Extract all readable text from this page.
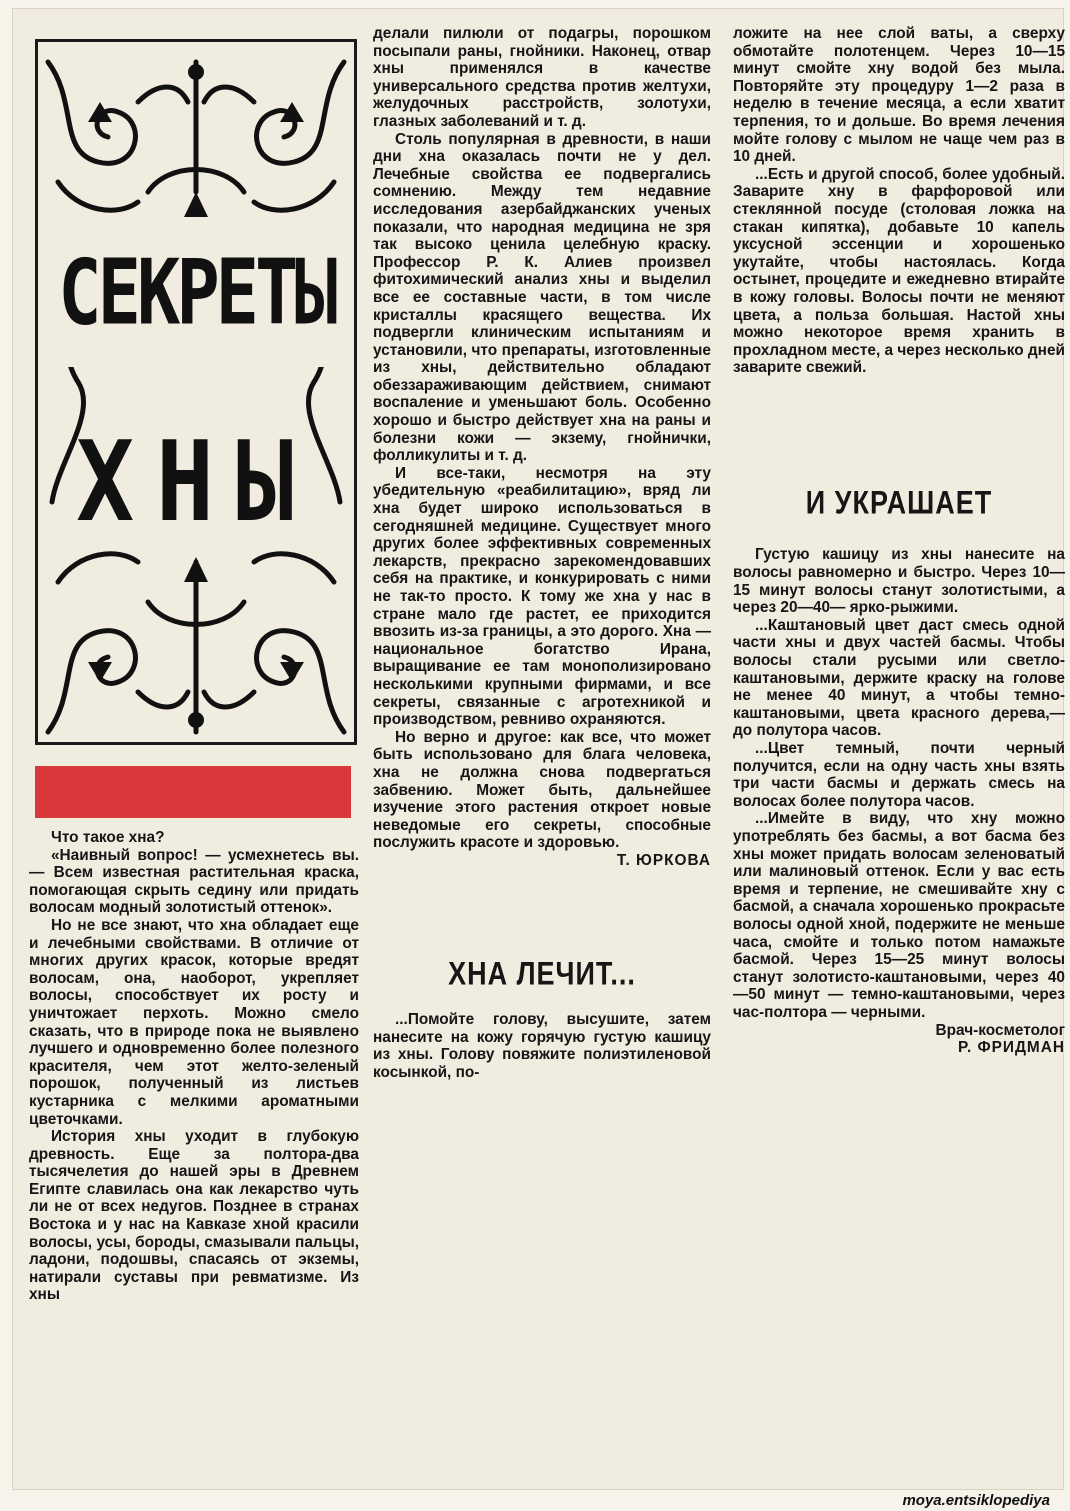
СЕКРЕТЫ
ХНЫ

Что такое хна?

«Наивный вопрос! — усмехнетесь вы.— Всем известная растительная краска, помогающая скрыть седину или придать волосам модный золотистый оттенок».

Но не все знают, что хна обладает еще и лечебными свойствами. В отличие от многих других красок, которые вредят волосам, она, наоборот, укрепляет волосы, способствует их росту и уничтожает перхоть. Можно смело сказать, что в природе пока не выявлено лучшего и одновременно более полезного красителя, чем этот желто-зеленый порошок, полученный из листьев кустарника с мелкими ароматными цветочками.

История хны уходит в глубокую древность. Еще за полтора-два тысячелетия до нашей эры в Древнем Египте славилась она как лекарство чуть ли не от всех недугов. Позднее в странах Востока и у нас на Кавказе хной красили волосы, усы, бороды, смазывали пальцы, ладони, подошвы, спасаясь от экземы, натирали суставы при ревматизме. Из хны

делали пилюли от подагры, порошком посыпали раны, гнойники. Наконец, отвар хны применялся в качестве универсального средства против желтухи, желудочных расстройств, золотухи, глазных заболеваний и т. д.

Столь популярная в древности, в наши дни хна оказалась почти не у дел. Лечебные свойства ее подвергались сомнению. Между тем недавние исследования азербайджанских ученых показали, что народная медицина не зря так высоко ценила целебную краску. Профессор Р. К. Алиев произвел фитохимический анализ хны и выделил все ее составные части, в том числе кристаллы красящего вещества. Их подвергли клиническим испытаниям и установили, что препараты, изготовленные из хны, действительно обладают обеззараживающим действием, снимают воспаление и уменьшают боль. Особенно хорошо и быстро действует хна на раны и болезни кожи — экзему, гнойнички, фолликулиты и т. д.

И все-таки, несмотря на эту убедительную «реабилитацию», вряд ли хна будет широко использоваться в сегодняшней медицине. Существует много других более эффективных современных лекарств, прекрасно зарекомендовавших себя на практике, и конкурировать с ними не так-то просто. К тому же хна у нас в стране мало где растет, ее приходится ввозить из-за границы, а это дорого. Хна — национальное богатство Ирана, выращивание ее там монополизировано несколькими крупными фирмами, и все секреты, связанные с агротехникой и производством, ревниво охраняются.

Но верно и другое: как все, что может быть использовано для блага человека, хна не должна снова подвергаться забвению. Может быть, дальнейшее изучение этого растения откроет новые неведомые его секреты, способные послужить красоте и здоровью.

Т. ЮРКОВА

ХНА ЛЕЧИТ...

...Помойте голову, высушите, затем нанесите на кожу горячую густую кашицу из хны. Голову повяжите полиэтиленовой косынкой, по-

ложите на нее слой ваты, а сверху обмотайте полотенцем. Через 10—15 минут смойте хну водой без мыла. Повторяйте эту процедуру 1—2 раза в неделю в течение месяца, а если хватит терпения, то и дольше. Во время лечения мойте голову с мылом не чаще чем раз в 10 дней.

...Есть и другой способ, более удобный. Заварите хну в фарфоровой или стеклянной посуде (столовая ложка на стакан кипятка), добавьте 10 капель уксусной эссенции и хорошенько укутайте, чтобы настоялась. Когда остынет, процедите и ежедневно втирайте в кожу головы. Волосы почти не меняют цвета, а польза большая. Настой хны можно некоторое время хранить в прохладном месте, а через несколько дней заварите свежий.

И УКРАШАЕТ

Густую кашицу из хны нанесите на волосы равномерно и быстро. Через 10—15 минут волосы станут золотистыми, а через 20—40— ярко-рыжими.

...Каштановый цвет даст смесь одной части хны и двух частей басмы. Чтобы волосы стали русыми или светло-каштановыми, держите краску на голове не менее 40 минут, а чтобы темно-каштановыми, цвета красного дерева,— до полутора часов.

...Цвет темный, почти черный получится, если на одну часть хны взять три части басмы и держать смесь на волосах более полутора часов.

...Имейте в виду, что хну можно употреблять без басмы, а вот басма без хны может придать волосам зеленоватый или малиновый оттенок. Если у вас есть время и терпение, не смешивайте хну с басмой, а сначала хорошенько прокрасьте волосы одной хной, подержите не меньше часа, смойте и только потом намажьте басмой. Через 15—25 минут волосы станут золотисто-каштановыми, через 40—50 минут — темно-каштановыми, через час-полтора — черными.

Врач-косметолог

Р. ФРИДМАН

moya.entsiklopediya
